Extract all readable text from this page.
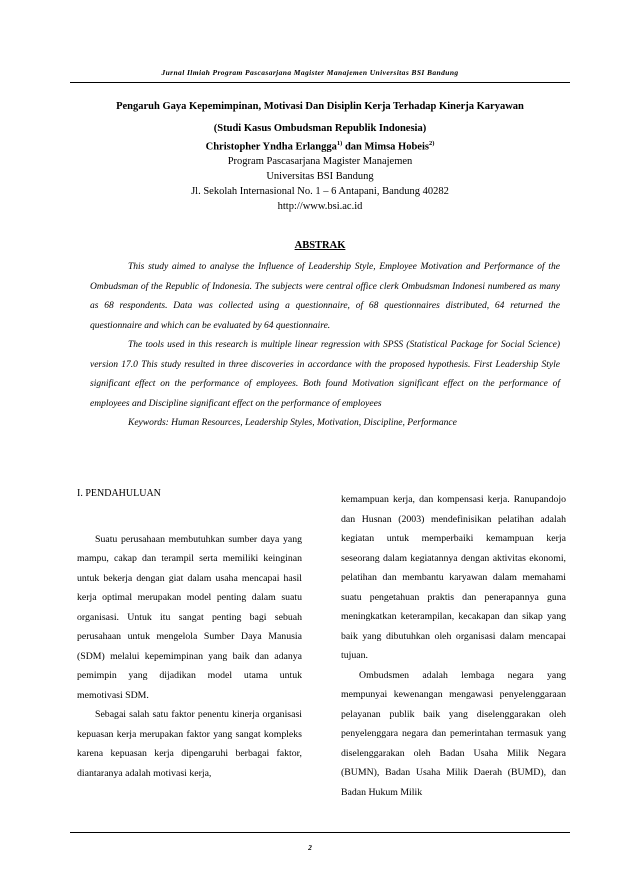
Jurnal Ilmiah Program Pascasarjana Magister Manajemen Universitas BSI Bandung
Pengaruh Gaya Kepemimpinan, Motivasi Dan Disiplin Kerja Terhadap Kinerja Karyawan
(Studi Kasus Ombudsman Republik Indonesia)
Christopher Yndha Erlangga$^{1)}$ dan Mimsa Hobeis$^{2)}$
Program Pascasarjana Magister Manajemen
Universitas BSI Bandung
Jl. Sekolah Internasional No. 1 – 6 Antapani, Bandung 40282
http://www.bsi.ac.id
ABSTRAK

This study aimed to analyse the Influence of Leadership Style, Employee Motivation and Performance of the Ombudsman of the Republic of Indonesia. The subjects were central office clerk Ombudsman Indonesi numbered as many as 68 respondents. Data was collected using a questionnaire, of 68 questionnaires distributed, 64 returned the questionnaire and which can be evaluated by 64 questionnaire.

The tools used in this research is multiple linear regression with SPSS (Statistical Package for Social Science) version 17.0 This study resulted in three discoveries in accordance with the proposed hypothesis. First Leadership Style significant effect on the performance of employees. Both found Motivation significant effect on the performance of employees and Discipline significant effect on the performance of employees

Keywords: Human Resources, Leadership Styles, Motivation, Discipline, Performance

I. PENDAHULUAN

Suatu perusahaan membutuhkan sumber daya yang mampu, cakap dan terampil serta memiliki keinginan untuk bekerja dengan giat dalam usaha mencapai hasil kerja optimal merupakan model penting dalam suatu organisasi. Untuk itu sangat penting bagi sebuah perusahaan untuk mengelola Sumber Daya Manusia (SDM) melalui kepemimpinan yang baik dan adanya pemimpin yang dijadikan model utama untuk memotivasi SDM.

Sebagai salah satu faktor penentu kinerja organisasi kepuasan kerja merupakan faktor yang sangat kompleks karena kepuasan kerja dipengaruhi berbagai faktor, diantaranya adalah motivasi kerja,

kemampuan kerja, dan kompensasi kerja. Ranupandojo dan Husnan (2003) mendefinisikan pelatihan adalah kegiatan untuk memperbaiki kemampuan kerja seseorang dalam kegiatannya dengan aktivitas ekonomi, pelatihan dan membantu karyawan dalam memahami suatu pengetahuan praktis dan penerapannya guna meningkatkan keterampilan, kecakapan dan sikap yang baik yang dibutuhkan oleh organisasi dalam mencapai tujuan.

Ombudsmen adalah lembaga negara yang mempunyai kewenangan mengawasi penyelenggaraan pelayanan publik baik yang diselenggarakan oleh penyelenggara negara dan pemerintahan termasuk yang diselenggarakan oleh Badan Usaha Milik Negara (BUMN), Badan Usaha Milik Daerah (BUMD), dan Badan Hukum Milik

2
